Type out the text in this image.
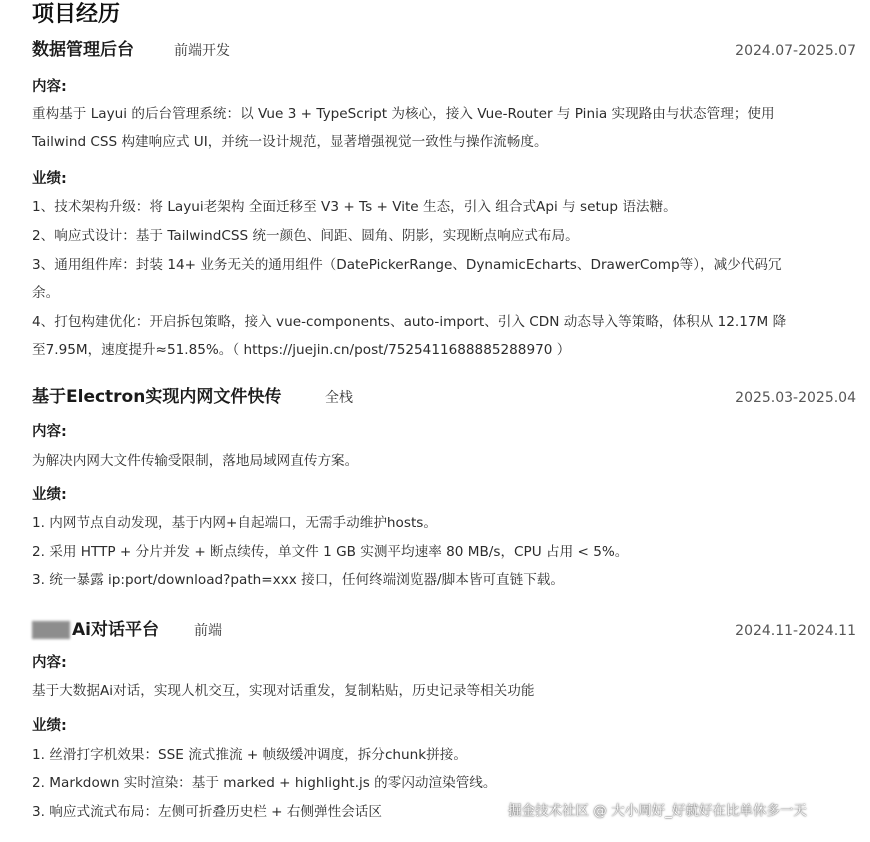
项目经历
数据管理后台	前端开发	2024.07-2025.07
内容:
重构基于 Layui 的后台管理系统：以 Vue 3 + TypeScript 为核心，接入 Vue-Router 与 Pinia 实现路由与状态管理；使用
Tailwind CSS 构建响应式 UI，并统一设计规范，显著增强视觉一致性与操作流畅度。
业绩:
1、技术架构升级：将 Layui老架构 全面迁移至 V3 + Ts + Vite 生态，引入 组合式Api 与 setup 语法糖。
2、响应式设计：基于 TailwindCSS 统一颜色、间距、圆角、阴影，实现断点响应式布局。
3、通用组件库：封装 14+ 业务无关的通用组件（DatePickerRange、DynamicEcharts、DrawerComp等），减少代码冗
余。
4、打包构建优化：开启拆包策略，接入 vue-components、auto-import、引入 CDN 动态导入等策略，体积从 12.17M 降
至7.95M，速度提升≈51.85%。（ https://juejin.cn/post/7525411688885288970 ）
基于Electron实现内网文件快传	全栈	2025.03-2025.04
内容:
为解决内网大文件传输受限制，落地局域网直传方案。
业绩:
1. 内网节点自动发现，基于内网+自起端口，无需手动维护hosts。
2. 采用 HTTP + 分片并发 + 断点续传，单文件 1 GB 实测平均速率 80 MB/s，CPU 占用 < 5%。
3. 统一暴露 ip:port/download?path=xxx 接口，任何终端浏览器/脚本皆可直链下载。
Ai对话平台	前端	2024.11-2024.11
内容:
基于大数据Ai对话，实现人机交互，实现对话重发，复制粘贴，历史记录等相关功能
业绩:
1. 丝滑打字机效果：SSE 流式推流 + 帧级缓冲调度，拆分chunk拼接。
2. Markdown 实时渲染：基于 marked + highlight.js 的零闪动渲染管线。
3. 响应式流式布局：左侧可折叠历史栏 + 右侧弹性会话区	掘金技术社区 @ 大小周好_好就好在比单休多一天
